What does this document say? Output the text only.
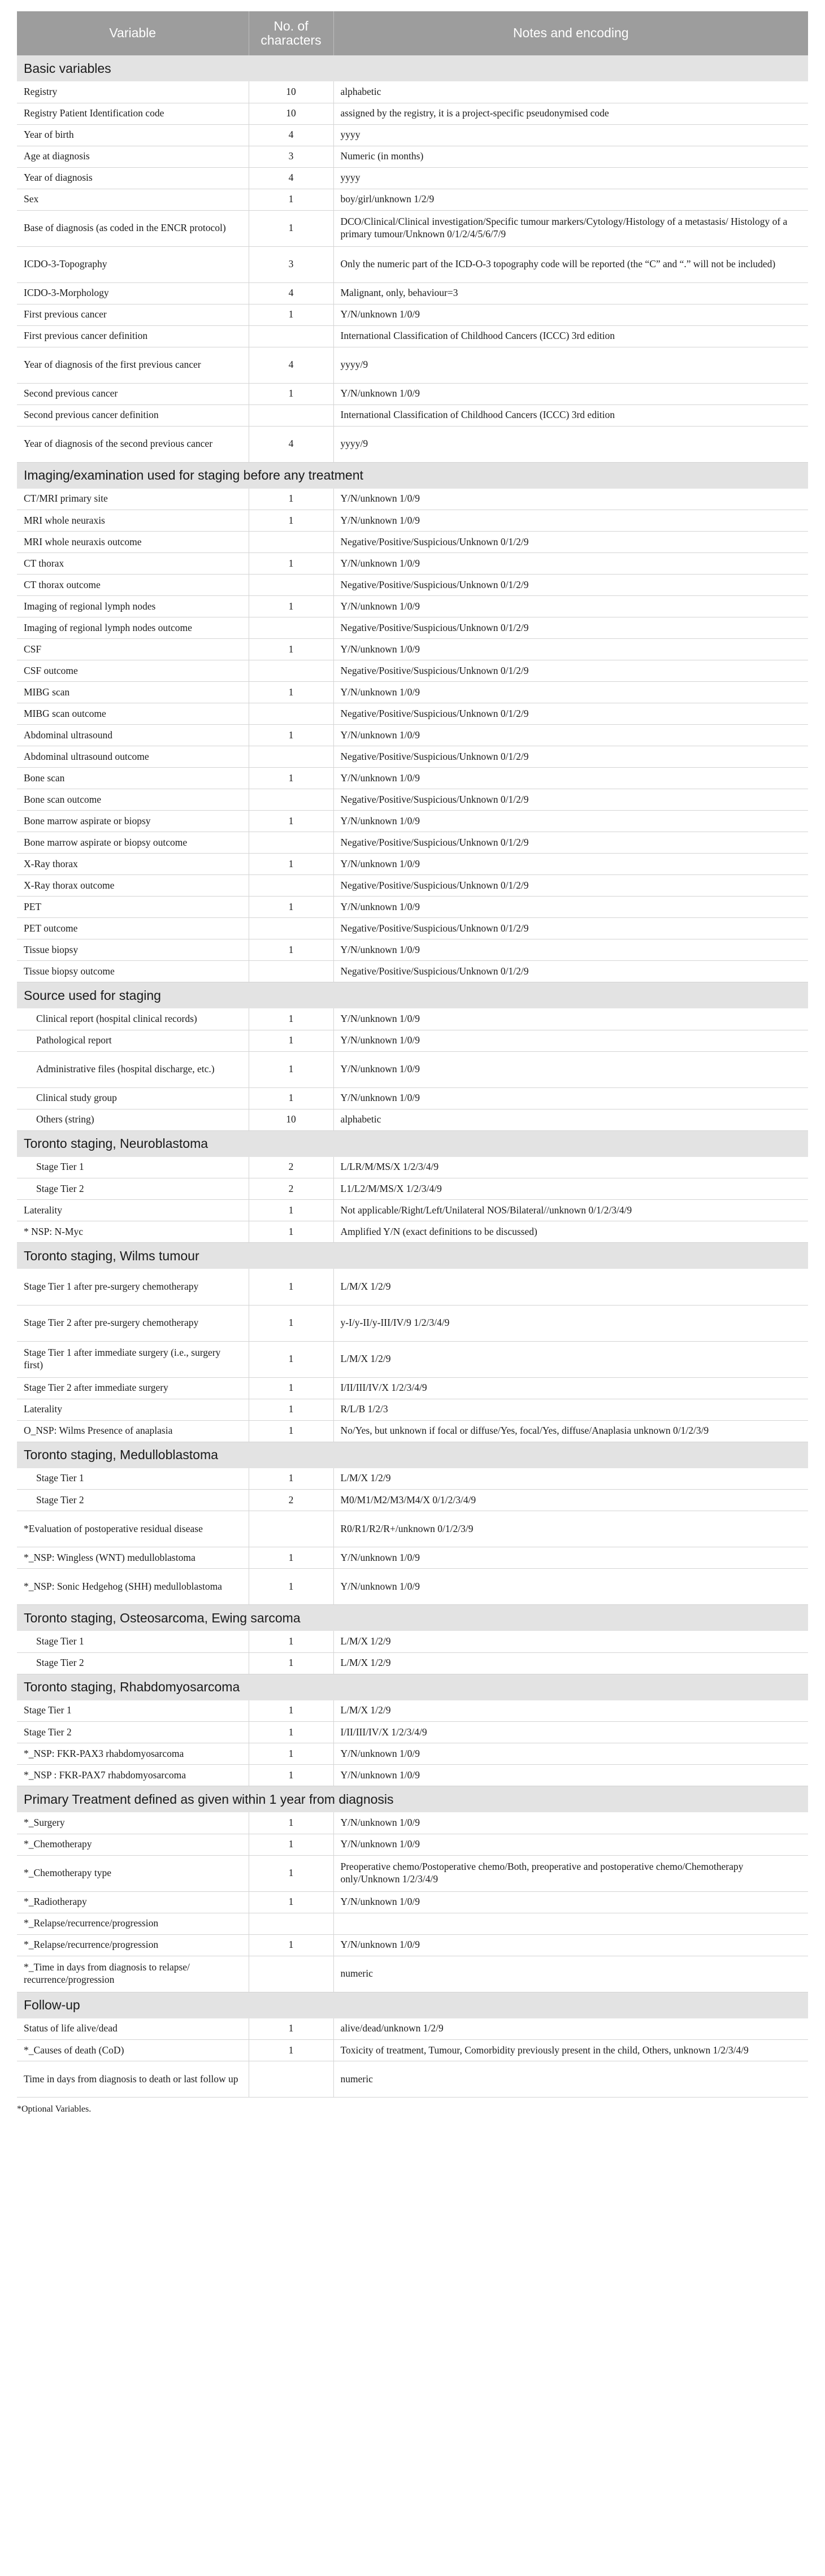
Variable	No. of characters	Notes and encoding
Basic variables		
Registry	10	alphabetic
Registry Patient Identification code	10	assigned by the registry, it is a project-specific pseudonymised code
Year of birth	4	yyyy
Age at diagnosis	3	Numeric (in months)
Year of diagnosis	4	yyyy
Sex	1	boy/girl/unknown 1/2/9
Base of diagnosis (as coded in the ENCR protocol)	1	DCO/Clinical/Clinical investigation/Specific tumour markers/Cytology/Histology of a metastasis/ Histology of a primary tumour/Unknown 0/1/2/4/5/6/7/9
ICDO-3-Topography	3	Only the numeric part of the ICD-O-3 topography code will be reported (the “C” and “.” will not be included)
ICDO-3-Morphology	4	Malignant, only, behaviour=3
First previous cancer	1	Y/N/unknown 1/0/9
First previous cancer definition		International Classification of Childhood Cancers (ICCC) 3rd edition
Year of diagnosis of the first previous cancer	4	yyyy/9
Second previous cancer	1	Y/N/unknown 1/0/9
Second previous cancer definition		International Classification of Childhood Cancers (ICCC) 3rd edition
Year of diagnosis of the second previous cancer	4	yyyy/9
Imaging/examination used for staging before any treatment		
CT/MRI primary site	1	Y/N/unknown 1/0/9
MRI whole neuraxis	1	Y/N/unknown 1/0/9
MRI whole neuraxis outcome		Negative/Positive/Suspicious/Unknown 0/1/2/9
CT thorax	1	Y/N/unknown 1/0/9
CT thorax outcome		Negative/Positive/Suspicious/Unknown 0/1/2/9
Imaging of regional lymph nodes	1	Y/N/unknown 1/0/9
Imaging of regional lymph nodes outcome		Negative/Positive/Suspicious/Unknown 0/1/2/9
CSF	1	Y/N/unknown 1/0/9
CSF outcome		Negative/Positive/Suspicious/Unknown 0/1/2/9
MIBG scan	1	Y/N/unknown 1/0/9
MIBG scan outcome		Negative/Positive/Suspicious/Unknown 0/1/2/9
Abdominal ultrasound	1	Y/N/unknown 1/0/9
Abdominal ultrasound outcome		Negative/Positive/Suspicious/Unknown 0/1/2/9
Bone scan	1	Y/N/unknown 1/0/9
Bone scan outcome		Negative/Positive/Suspicious/Unknown 0/1/2/9
Bone marrow aspirate or biopsy	1	Y/N/unknown 1/0/9
Bone marrow aspirate or biopsy outcome		Negative/Positive/Suspicious/Unknown 0/1/2/9
X-Ray thorax	1	Y/N/unknown 1/0/9
X-Ray thorax outcome		Negative/Positive/Suspicious/Unknown 0/1/2/9
PET	1	Y/N/unknown 1/0/9
PET outcome		Negative/Positive/Suspicious/Unknown 0/1/2/9
Tissue biopsy	1	Y/N/unknown 1/0/9
Tissue biopsy outcome		Negative/Positive/Suspicious/Unknown 0/1/2/9
Source used for staging		
Clinical report (hospital clinical records)	1	Y/N/unknown 1/0/9
Pathological report	1	Y/N/unknown 1/0/9
Administrative files (hospital discharge, etc.)	1	Y/N/unknown 1/0/9
Clinical study group	1	Y/N/unknown 1/0/9
Others (string)	10	alphabetic
Toronto staging, Neuroblastoma		
Stage Tier 1	2	L/LR/M/MS/X 1/2/3/4/9
Stage Tier 2	2	L1/L2/M/MS/X 1/2/3/4/9
Laterality	1	Not applicable/Right/Left/Unilateral NOS/Bilateral//unknown 0/1/2/3/4/9
* NSP: N-Myc	1	Amplified Y/N (exact definitions to be discussed)
Toronto staging, Wilms tumour		
Stage Tier 1 after pre-surgery chemotherapy	1	L/M/X 1/2/9
Stage Tier 2 after pre-surgery chemotherapy	1	y-I/y-II/y-III/IV/9 1/2/3/4/9
Stage Tier 1 after immediate surgery (i.e., surgery first)	1	L/M/X 1/2/9
Stage Tier 2 after immediate surgery	1	I/II/III/IV/X 1/2/3/4/9
Laterality	1	R/L/B 1/2/3
O_NSP: Wilms Presence of anaplasia	1	No/Yes, but unknown if focal or diffuse/Yes, focal/Yes, diffuse/Anaplasia unknown 0/1/2/3/9
Toronto staging, Medulloblastoma		
Stage Tier 1	1	L/M/X 1/2/9
Stage Tier 2	2	M0/M1/M2/M3/M4/X 0/1/2/3/4/9
*Evaluation of postoperative residual disease		R0/R1/R2/R+/unknown 0/1/2/3/9
*_NSP: Wingless (WNT) medulloblastoma	1	Y/N/unknown 1/0/9
*_NSP: Sonic Hedgehog (SHH) medulloblastoma	1	Y/N/unknown 1/0/9
Toronto staging, Osteosarcoma, Ewing sarcoma		
Stage Tier 1	1	L/M/X 1/2/9
Stage Tier 2	1	L/M/X 1/2/9
Toronto staging, Rhabdomyosarcoma		
Stage Tier 1	1	L/M/X 1/2/9
Stage Tier 2	1	I/II/III/IV/X 1/2/3/4/9
*_NSP: FKR-PAX3 rhabdomyosarcoma	1	Y/N/unknown 1/0/9
*_NSP : FKR-PAX7 rhabdomyosarcoma	1	Y/N/unknown 1/0/9
Primary Treatment defined as given within 1 year from diagnosis		
*_Surgery	1	Y/N/unknown 1/0/9
*_Chemotherapy	1	Y/N/unknown 1/0/9
*_Chemotherapy type	1	Preoperative chemo/Postoperative chemo/Both, preoperative and postoperative chemo/Chemotherapy only/Unknown 1/2/3/4/9
*_Radiotherapy	1	Y/N/unknown 1/0/9
*_Relapse/recurrence/progression		
*_Relapse/recurrence/progression	1	Y/N/unknown 1/0/9
*_Time in days from diagnosis to relapse/ recurrence/progression		numeric
Follow-up		
Status of life alive/dead	1	alive/dead/unknown 1/2/9
*_Causes of death (CoD)	1	Toxicity of treatment, Tumour, Comorbidity previously present in the child, Others, unknown 1/2/3/4/9
Time in days from diagnosis to death or last follow up		numeric
*Optional Variables.
